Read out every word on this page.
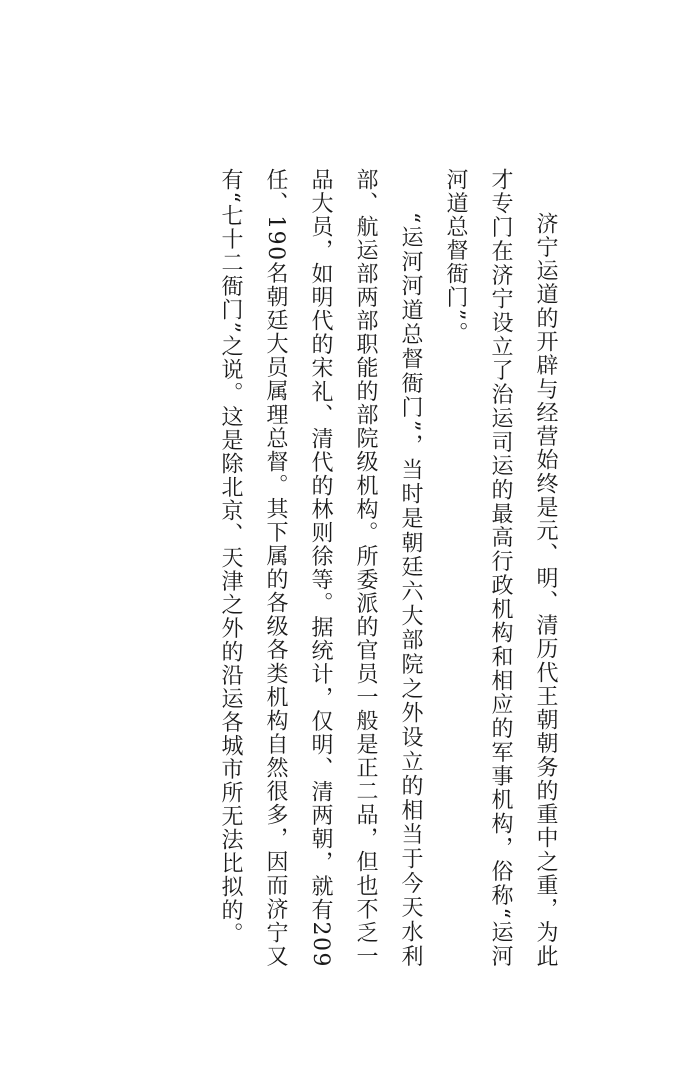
济宁运道的开辟与经营始终是元、明、清历代王朝朝务的重中之重，为此才专门在济宁设立了治运司运的最高行政机构和相应的军事机构，俗称“运河河道总督衙门”。

“运河河道总督衙门”，当时是朝廷六大部院之外设立的相当于今天水利部、航运部两部职能的部院级机构。所委派的官员一般是正二品，但也不乏一品大员，如明代的宋礼、清代的林则徐等。据统计，仅明、清两朝，就有209任、190名朝廷大员属理总督。其下属的各级各类机构自然很多，因而济宁又有“七十二衙门”之说。这是除北京、天津之外的沿运各城市所无法比拟的。
